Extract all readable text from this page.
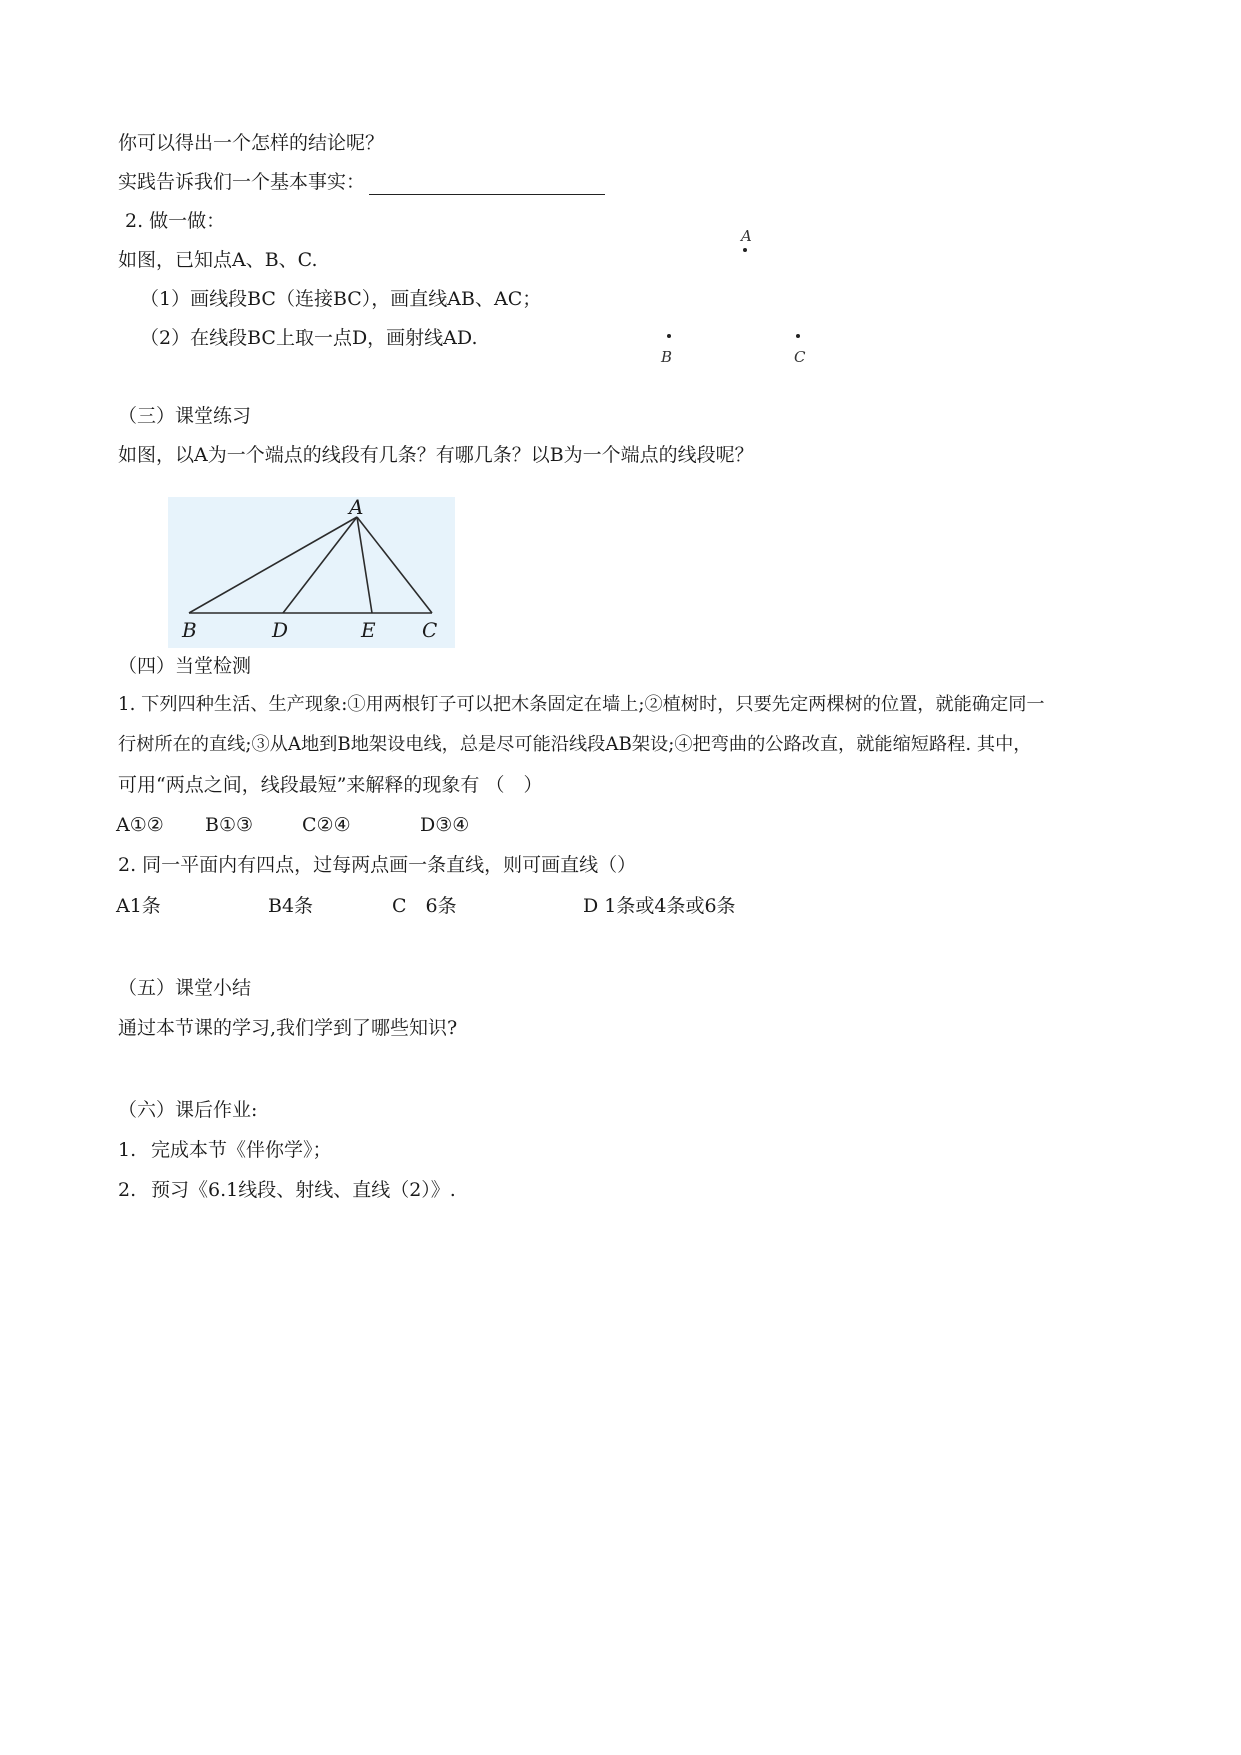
你可以得出一个怎样的结论呢？
实践告诉我们一个基本事实：
2. 做一做：
如图，已知点A、B、C.
（1）画线段BC（连接BC），画直线AB、AC；
（2）在线段BC上取一点D，画射线AD.
A
B	C
（三）课堂练习
如图，以A为一个端点的线段有几条？有哪几条？以B为一个端点的线段呢？
A
B	D	E C
（四）当堂检测
1. 下列四种生活、生产现象:①用两根钉子可以把木条固定在墙上;②植树时，只要先定两棵树的位置，就能确定同一
行树所在的直线;③从A地到B地架设电线，总是尽可能沿线段AB架设;④把弯曲的公路改直，就能缩短路程. 其中，
可用“两点之间，线段最短”来解释的现象有 （　）
A①② B①③	C②④	D③④
2. 同一平面内有四点，过每两点画一条直线，则可画直线（）
A1条	B4条	C　6条	D 1条或4条或6条
（五）课堂小结
通过本节课的学习,我们学到了哪些知识?
（六）课后作业:
1. 完成本节《伴你学》；
2. 预习《6.1线段、射线、直线（2）》.
